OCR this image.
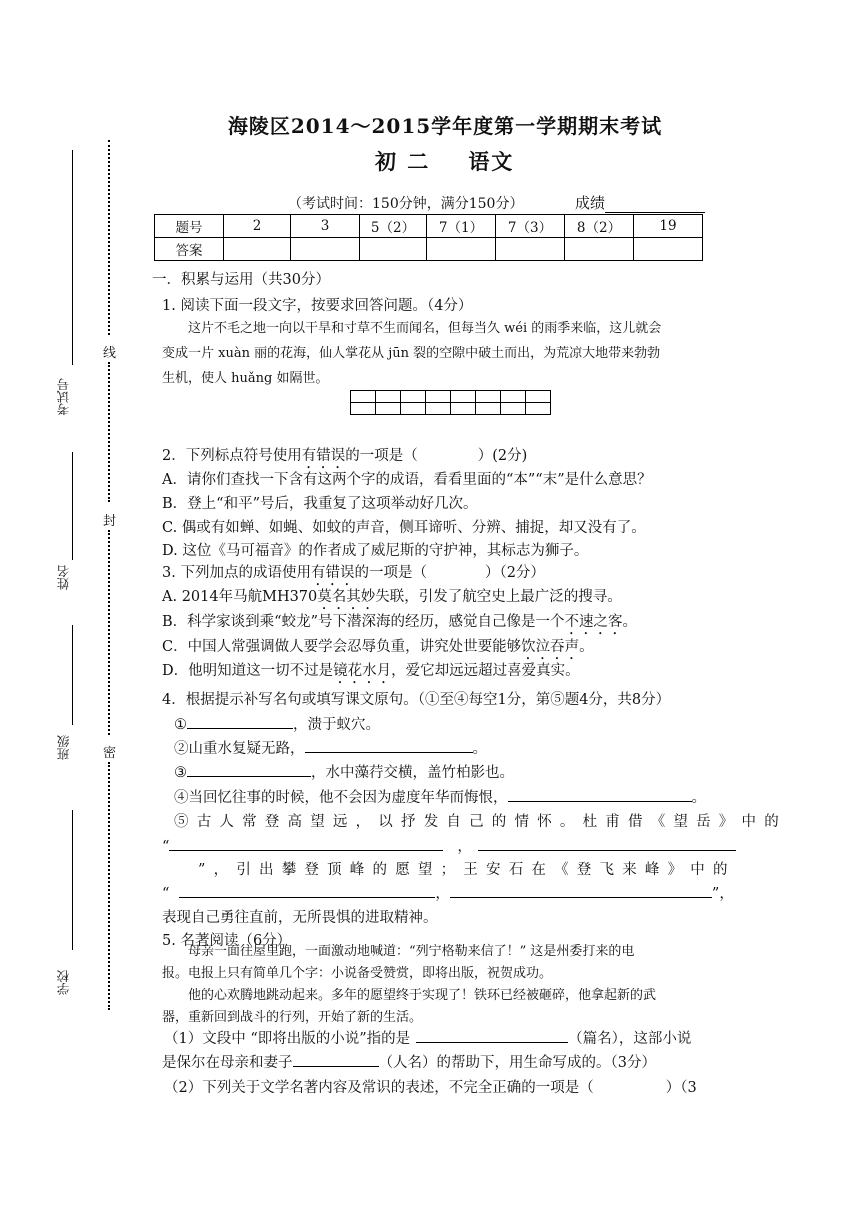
考试号
姓名
班级
学校
线
封
密
海陵区2014～2015学年度第一学期期末考试
初 二 语文
（考试时间：150分钟，满分150分）	成绩
题号	2	3	5（2）	7（1）	7（3）	8（2）	19
答案							
一．积累与运用（共30分）
1. 阅读下面一段文字，按要求回答问题。（4分）
这片不毛之地一向以干旱和寸草不生而闻名，但每当久 wéi 的雨季来临，这儿就会
变成一片 xuàn 丽的花海，仙人掌花从 jūn 裂的空隙中破土而出，为荒凉大地带来勃勃
生机，使人 huǎng 如隔世。

2．下列标点符号使用有错误的一项是（	）(2分)
A．请你们查找一下含有这两个字的成语，看看里面的“本”“末”是什么意思？
B．登上“和平”号后，我重复了这项举动好几次。
C. 偶或有如蝉、如蝇、如蚊的声音，侧耳谛听、分辨、捕捉，却又没有了。
D. 这位《马可福音》的作者成了威尼斯的守护神，其标志为狮子。
3. 下列加点的成语使用有错误的一项是（	）（2分）
A. 2014年马航MH370莫名其妙失联，引发了航空史上最广泛的搜寻。
B．科学家谈到乘“蛟龙”号下潜深海的经历，感觉自己像是一个不速之客。
C．中国人常强调做人要学会忍辱负重，讲究处世要能够饮泣吞声。
D．他明知道这一切不过是镜花水月，爱它却远远超过喜爱真实。
4．根据提示补写名句或填写课文原句。（①至④每空1分，第⑤题4分，共8分）
①	，溃于蚁穴。
②山重水复疑无路，	。
③	，水中藻荇交横，盖竹柏影也。
④当回忆往事的时候，他不会因为虚度年华而悔恨，	。
⑤古人常登高望远，以抒发自己的情怀。杜甫借《望岳》中的
“	，
”，引出攀登顶峰的愿望；王安石在《登飞来峰》中的
“	，	”，
表现自己勇往直前，无所畏惧的进取精神。
5. 名著阅读（6分）
母亲一面往屋里跑，一面激动地喊道：“列宁格勒来信了！” 这是州委打来的电
报。电报上只有简单几个字：小说备受赞赏，即将出版，祝贺成功。
他的心欢腾地跳动起来。多年的愿望终于实现了！铁环已经被砸碎，他拿起新的武
器，重新回到战斗的行列，开始了新的生活。
（1）文段中 “即将出版的小说”指的是	（篇名），这部小说
是保尔在母亲和妻子	（人名）的帮助下，用生命写成的。（3分）
（2）下列关于文学名著内容及常识的表述，不完全正确的一项是（	）（3
